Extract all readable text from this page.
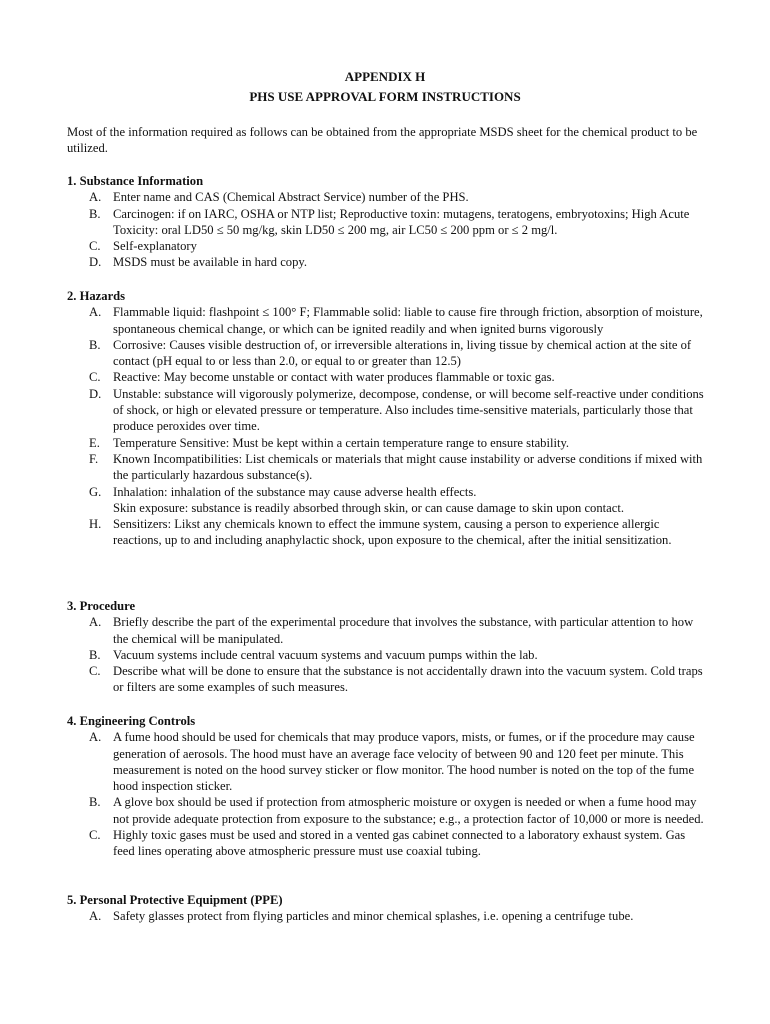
APPENDIX H
PHS USE APPROVAL FORM INSTRUCTIONS
Most of the information required as follows can be obtained from the appropriate MSDS sheet for the chemical product to be utilized.
1. Substance Information
A. Enter name and CAS (Chemical Abstract Service) number of the PHS.
B. Carcinogen: if on IARC, OSHA or NTP list; Reproductive toxin: mutagens, teratogens, embryotoxins; High Acute Toxicity: oral LD50 ≤ 50 mg/kg, skin LD50 ≤ 200 mg, air LC50 ≤ 200 ppm or ≤ 2 mg/l.
C. Self-explanatory
D. MSDS must be available in hard copy.
2. Hazards
A. Flammable liquid: flashpoint ≤ 100° F; Flammable solid: liable to cause fire through friction, absorption of moisture, spontaneous chemical change, or which can be ignited readily and when ignited burns vigorously
B. Corrosive: Causes visible destruction of, or irreversible alterations in, living tissue by chemical action at the site of contact (pH equal to or less than 2.0, or equal to or greater than 12.5)
C. Reactive: May become unstable or contact with water produces flammable or toxic gas.
D. Unstable: substance will vigorously polymerize, decompose, condense, or will become self-reactive under conditions of shock, or high or elevated pressure or temperature. Also includes time-sensitive materials, particularly those that produce peroxides over time.
E. Temperature Sensitive: Must be kept within a certain temperature range to ensure stability.
F. Known Incompatibilities: List chemicals or materials that might cause instability or adverse conditions if mixed with the particularly hazardous substance(s).
G. Inhalation: inhalation of the substance may cause adverse health effects.
Skin exposure: substance is readily absorbed through skin, or can cause damage to skin upon contact.
H. Sensitizers: Likst any chemicals known to effect the immune system, causing a person to experience allergic reactions, up to and including anaphylactic shock, upon exposure to the chemical, after the initial sensitization.
3. Procedure
A. Briefly describe the part of the experimental procedure that involves the substance, with particular attention to how the chemical will be manipulated.
B. Vacuum systems include central vacuum systems and vacuum pumps within the lab.
C. Describe what will be done to ensure that the substance is not accidentally drawn into the vacuum system. Cold traps or filters are some examples of such measures.
4. Engineering Controls
A. A fume hood should be used for chemicals that may produce vapors, mists, or fumes, or if the procedure may cause generation of aerosols. The hood must have an average face velocity of between 90 and 120 feet per minute. This measurement is noted on the hood survey sticker or flow monitor. The hood number is noted on the top of the fume hood inspection sticker.
B. A glove box should be used if protection from atmospheric moisture or oxygen is needed or when a fume hood may not provide adequate protection from exposure to the substance; e.g., a protection factor of 10,000 or more is needed.
C. Highly toxic gases must be used and stored in a vented gas cabinet connected to a laboratory exhaust system. Gas feed lines operating above atmospheric pressure must use coaxial tubing.
5. Personal Protective Equipment (PPE)
A. Safety glasses protect from flying particles and minor chemical splashes, i.e. opening a centrifuge tube.
